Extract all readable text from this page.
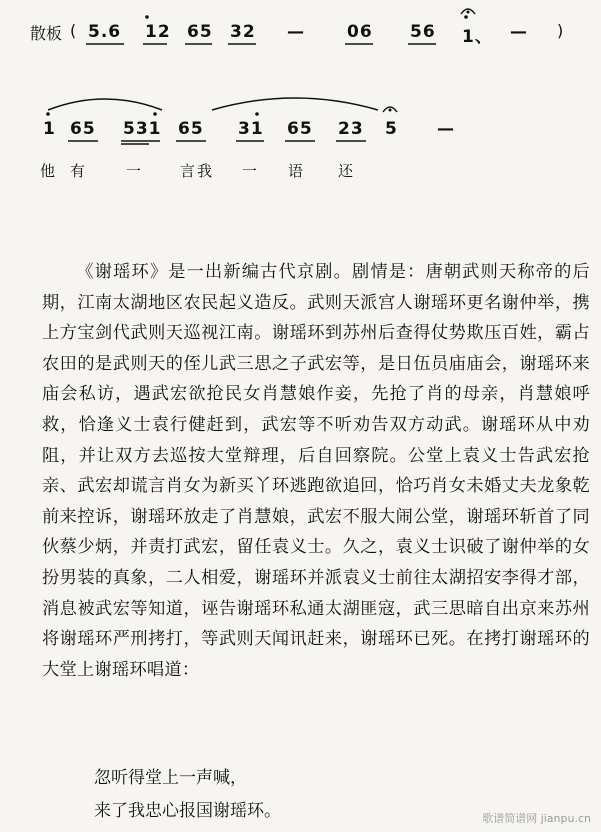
散板 ( 5.6 12 65 32 — 06 56 1、 — )
1 65 531 65 31 65 23 5 —
他 有	一 言我 一 语 还
《谢瑶环》是一出新编古代京剧。剧情是：唐朝武则天称帝的后期，江南太湖地区农民起义造反。武则天派宫人谢瑶环更名谢仲举，携上方宝剑代武则天巡视江南。谢瑶环到苏州后查得仗势欺压百姓，霸占农田的是武则天的侄儿武三思之子武宏等，是日伍员庙庙会，谢瑶环来庙会私访，遇武宏欲抢民女肖慧娘作妾，先抢了肖的母亲，肖慧娘呼救，恰逢义士袁行健赶到，武宏等不听劝告双方动武。谢瑶环从中劝阻，并让双方去巡按大堂辩理，后自回察院。公堂上袁义士告武宏抢亲、武宏却谎言肖女为新买丫环逃跑欲追回，恰巧肖女未婚丈夫龙象乾前来控诉，谢瑶环放走了肖慧娘，武宏不服大闹公堂，谢瑶环斩首了同伙蔡少炳，并责打武宏，留任袁义士。久之，袁义士识破了谢仲举的女扮男装的真象，二人相爱，谢瑶环并派袁义士前往太湖招安李得才部，消息被武宏等知道，诬告谢瑶环私通太湖匪寇，武三思暗自出京来苏州将谢瑶环严刑拷打，等武则天闻讯赶来，谢瑶环已死。在拷打谢瑶环的大堂上谢瑶环唱道：
忽听得堂上一声喊，
来了我忠心报国谢瑶环。	歌谱简谱网 jianpu.cn
